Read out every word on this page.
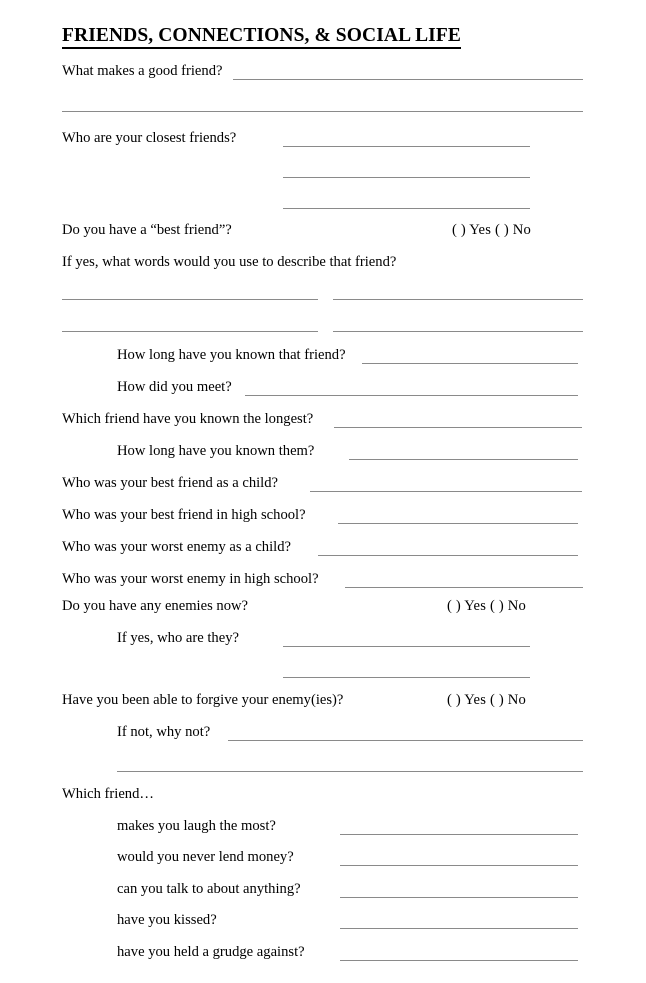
FRIENDS, CONNECTIONS, & SOCIAL LIFE
What makes a good friend?
Who are your closest friends?
Do you have a “best friend”?	( ) Yes ( ) No
If yes, what words would you use to describe that friend?
How long have you known that friend?
How did you meet?
Which friend have you known the longest?
How long have you known them?
Who was your best friend as a child?
Who was your best friend in high school?
Who was your worst enemy as a child?
Who was your worst enemy in high school?
Do you have any enemies now?	( ) Yes ( ) No
If yes, who are they?
Have you been able to forgive your enemy(ies)?	( ) Yes ( ) No
If not, why not?
Which friend…
makes you laugh the most?
would you never lend money?
can you talk to about anything?
have you kissed?
have you held a grudge against?
